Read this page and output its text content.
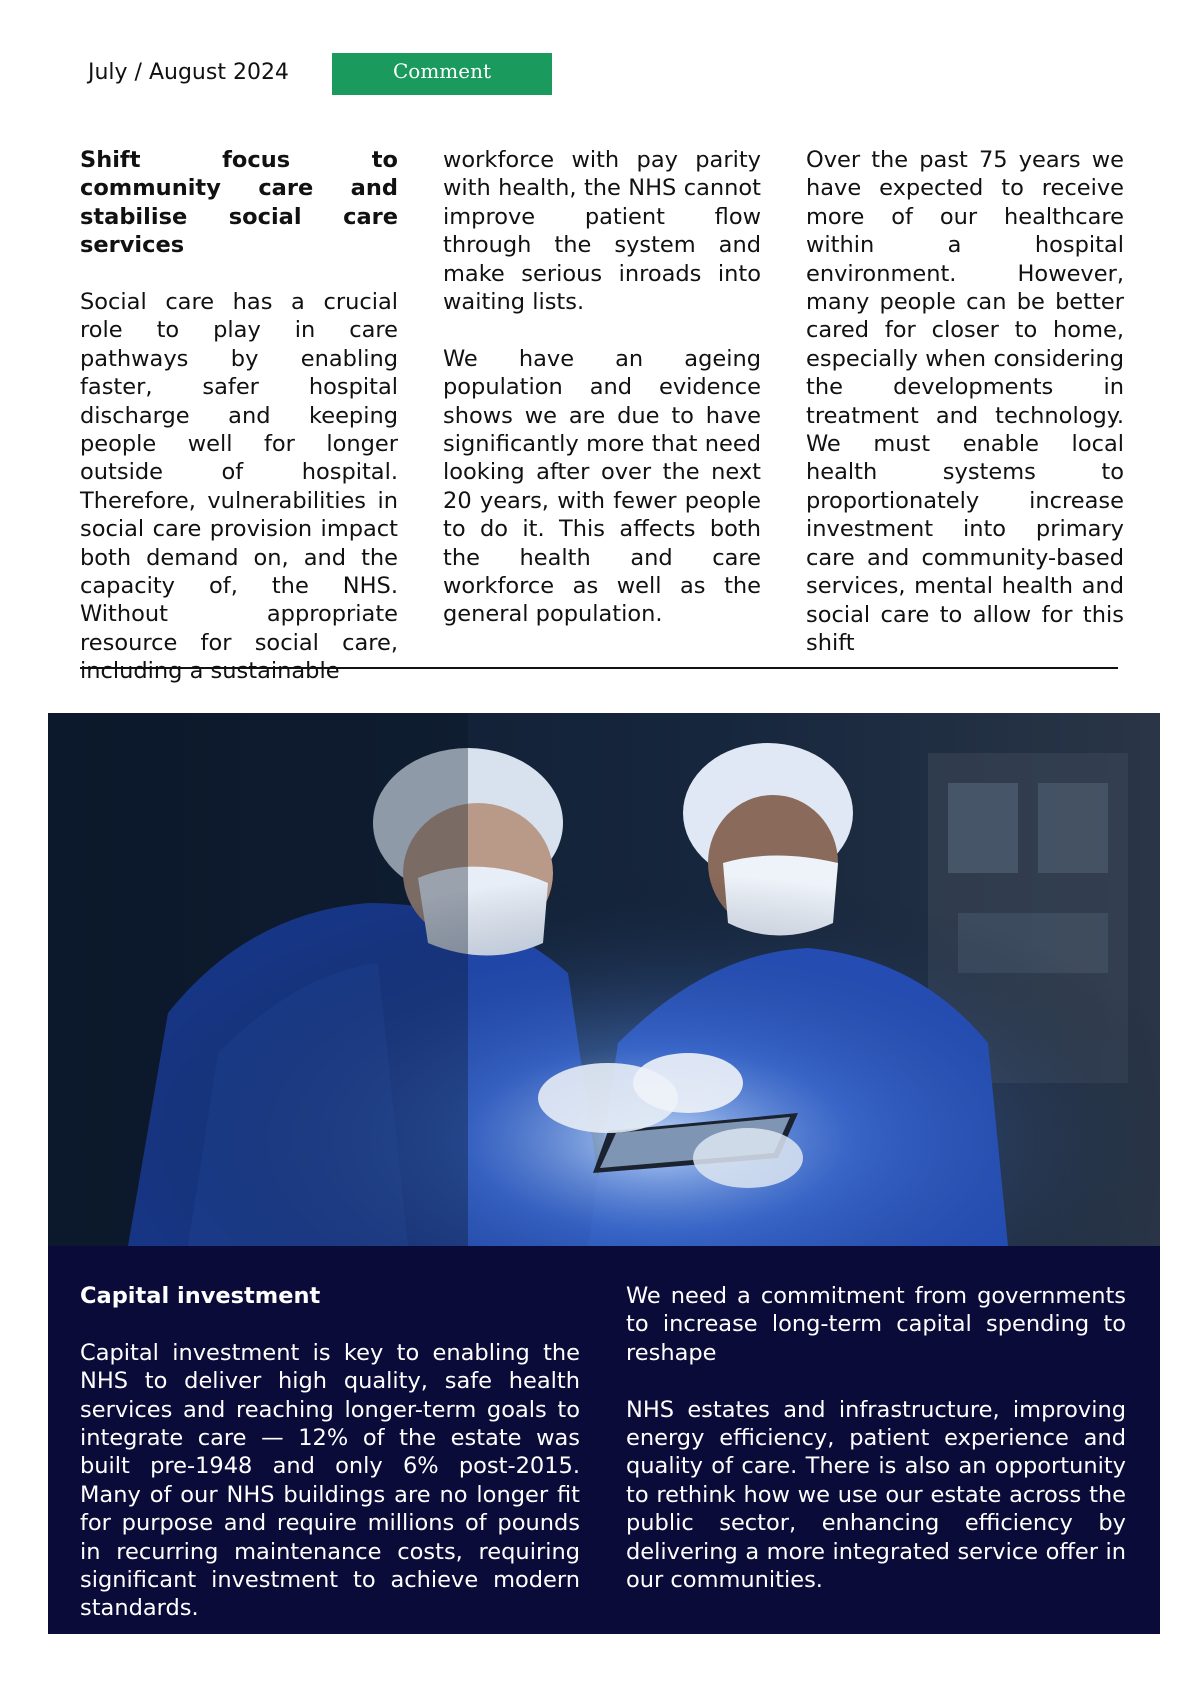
July / August 2024	Comment

Shift focus to community care and stabilise social care services

Social care has a crucial role to play in care pathways by enabling faster, safer hospital discharge and keeping people well for longer outside of hospital. Therefore, vulnerabilities in social care provision impact both demand on, and the capacity of, the NHS. Without appropriate resource for social care, including a sustainable

workforce with pay parity with health, the NHS cannot improve patient flow through the system and make serious inroads into waiting lists.

We have an ageing population and evidence shows we are due to have significantly more that need looking after over the next 20 years, with fewer people to do it. This affects both the health and care workforce as well as the general population.

Over the past 75 years we have expected to receive more of our healthcare within a hospital environment. However, many people can be better cared for closer to home, especially when considering the developments in treatment and technology. We must enable local health systems to proportionately increase investment into primary care and community-based services, mental health and social care to allow for this shift

Capital investment

Capital investment is key to enabling the NHS to deliver high quality, safe health services and reaching longer-term goals to integrate care — 12% of the estate was built pre-1948 and only 6% post-2015. Many of our NHS buildings are no longer fit for purpose and require millions of pounds in recurring maintenance costs, requiring significant investment to achieve modern standards.

We need a commitment from governments to increase long-term capital spending to reshape

NHS estates and infrastructure, improving energy efficiency, patient experience and quality of care. There is also an opportunity to rethink how we use our estate across the public sector, enhancing efficiency by delivering a more integrated service offer in our communities.
